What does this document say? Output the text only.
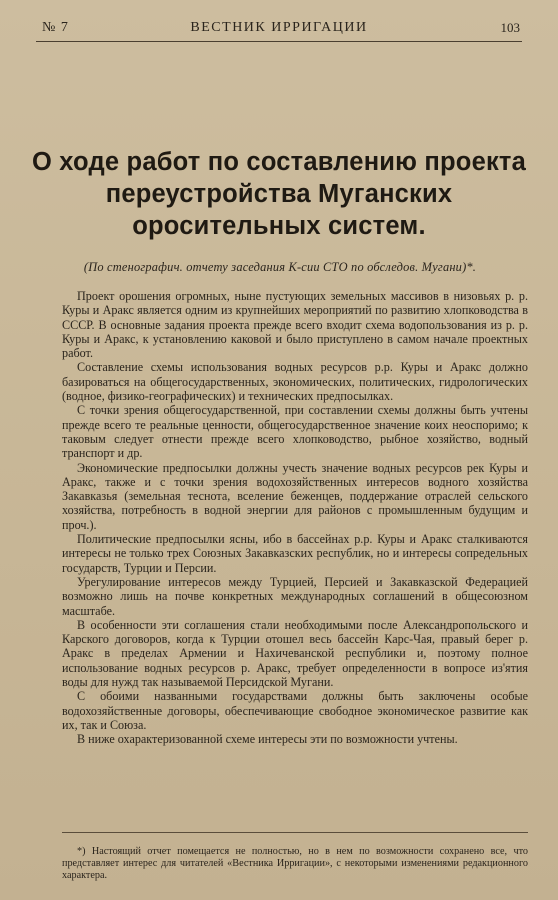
№ 7	ВЕСТНИК ИРРИГАЦИИ	103
О ходе работ по составлению проекта переустройства Муганских оросительных систем.
(По стенографич. отчету заседания К-сии СТО по обследов. Мугани)*.

Проект орошения огромных, ныне пустующих земельных массивов в низовьях р. р. Куры и Аракс является одним из крупнейших мероприятий по развитию хлопководства в СССР. В основные задания проекта прежде всего входит схема водопользования из р. р. Куры и Аракс, к установлению каковой и было приступлено в самом начале проектных работ.

Составление схемы использования водных ресурсов р.р. Куры и Аракс должно базироваться на общегосударственных, экономических, политических, гидрологических (водное, физико-географических) и технических предпосылках.

С точки зрения общегосударственной, при составлении схемы должны быть учтены прежде всего те реальные ценности, общегосударственное значение коих неоспоримо; к таковым следует отнести прежде всего хлопководство, рыбное хозяйство, водный транспорт и др.

Экономические предпосылки должны учесть значение водных ресурсов рек Куры и Аракс, также и с точки зрения водохозяйственных интересов водного хозяйства Закавказья (земельная теснота, вселение беженцев, поддержание отраслей сельского хозяйства, потребность в водной энергии для районов с промышленным будущим и проч.).

Политические предпосылки ясны, ибо в бассейнах р.р. Куры и Аракс сталкиваются интересы не только трех Союзных Закавказских республик, но и интересы сопредельных государств, Турции и Персии.

Урегулирование интересов между Турцией, Персией и Закавказской Федерацией возможно лишь на почве конкретных международных соглашений в общесоюзном масштабе.

В особенности эти соглашения стали необходимыми после Александропольского и Карского договоров, когда к Турции отошел весь бассейн Карс-Чая, правый берег р. Аракс в пределах Армении и Нахичеванской республики и, поэтому полное использование водных ресурсов р. Аракс, требует определенности в вопросе из'ятия воды для нужд так называемой Персидской Мугани.

С обоими названными государствами должны быть заключены особые водохозяйственные договоры, обеспечивающие свободное экономическое развитие как их, так и Союза.

В ниже охарактеризованной схеме интересы эти по возможности учтены.

*) Настоящий отчет помещается не полностью, но в нем по возможности сохранено все, что представляет интерес для читателей «Вестника Ирригации», с некоторыми изменениями редакционного характера.
